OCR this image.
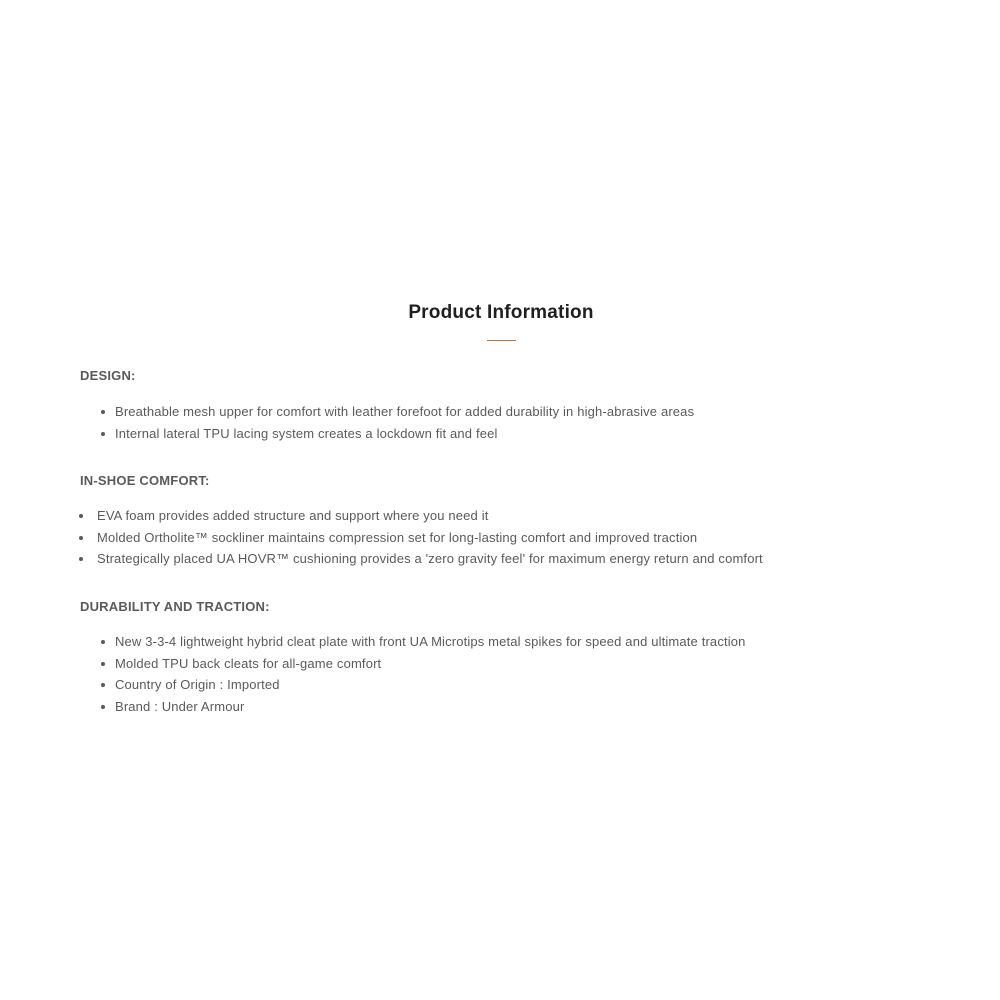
Product Information
DESIGN:
Breathable mesh upper for comfort with leather forefoot for added durability in high-abrasive areas
Internal lateral TPU lacing system creates a lockdown fit and feel
IN-SHOE COMFORT:
EVA foam provides added structure and support where you need it
Molded Ortholite™ sockliner maintains compression set for long-lasting comfort and improved traction
Strategically placed UA HOVR™ cushioning provides a 'zero gravity feel' for maximum energy return and comfort
DURABILITY AND TRACTION:
New 3-3-4 lightweight hybrid cleat plate with front UA Microtips metal spikes for speed and ultimate traction
Molded TPU back cleats for all-game comfort
Country of Origin : Imported
Brand : Under Armour
